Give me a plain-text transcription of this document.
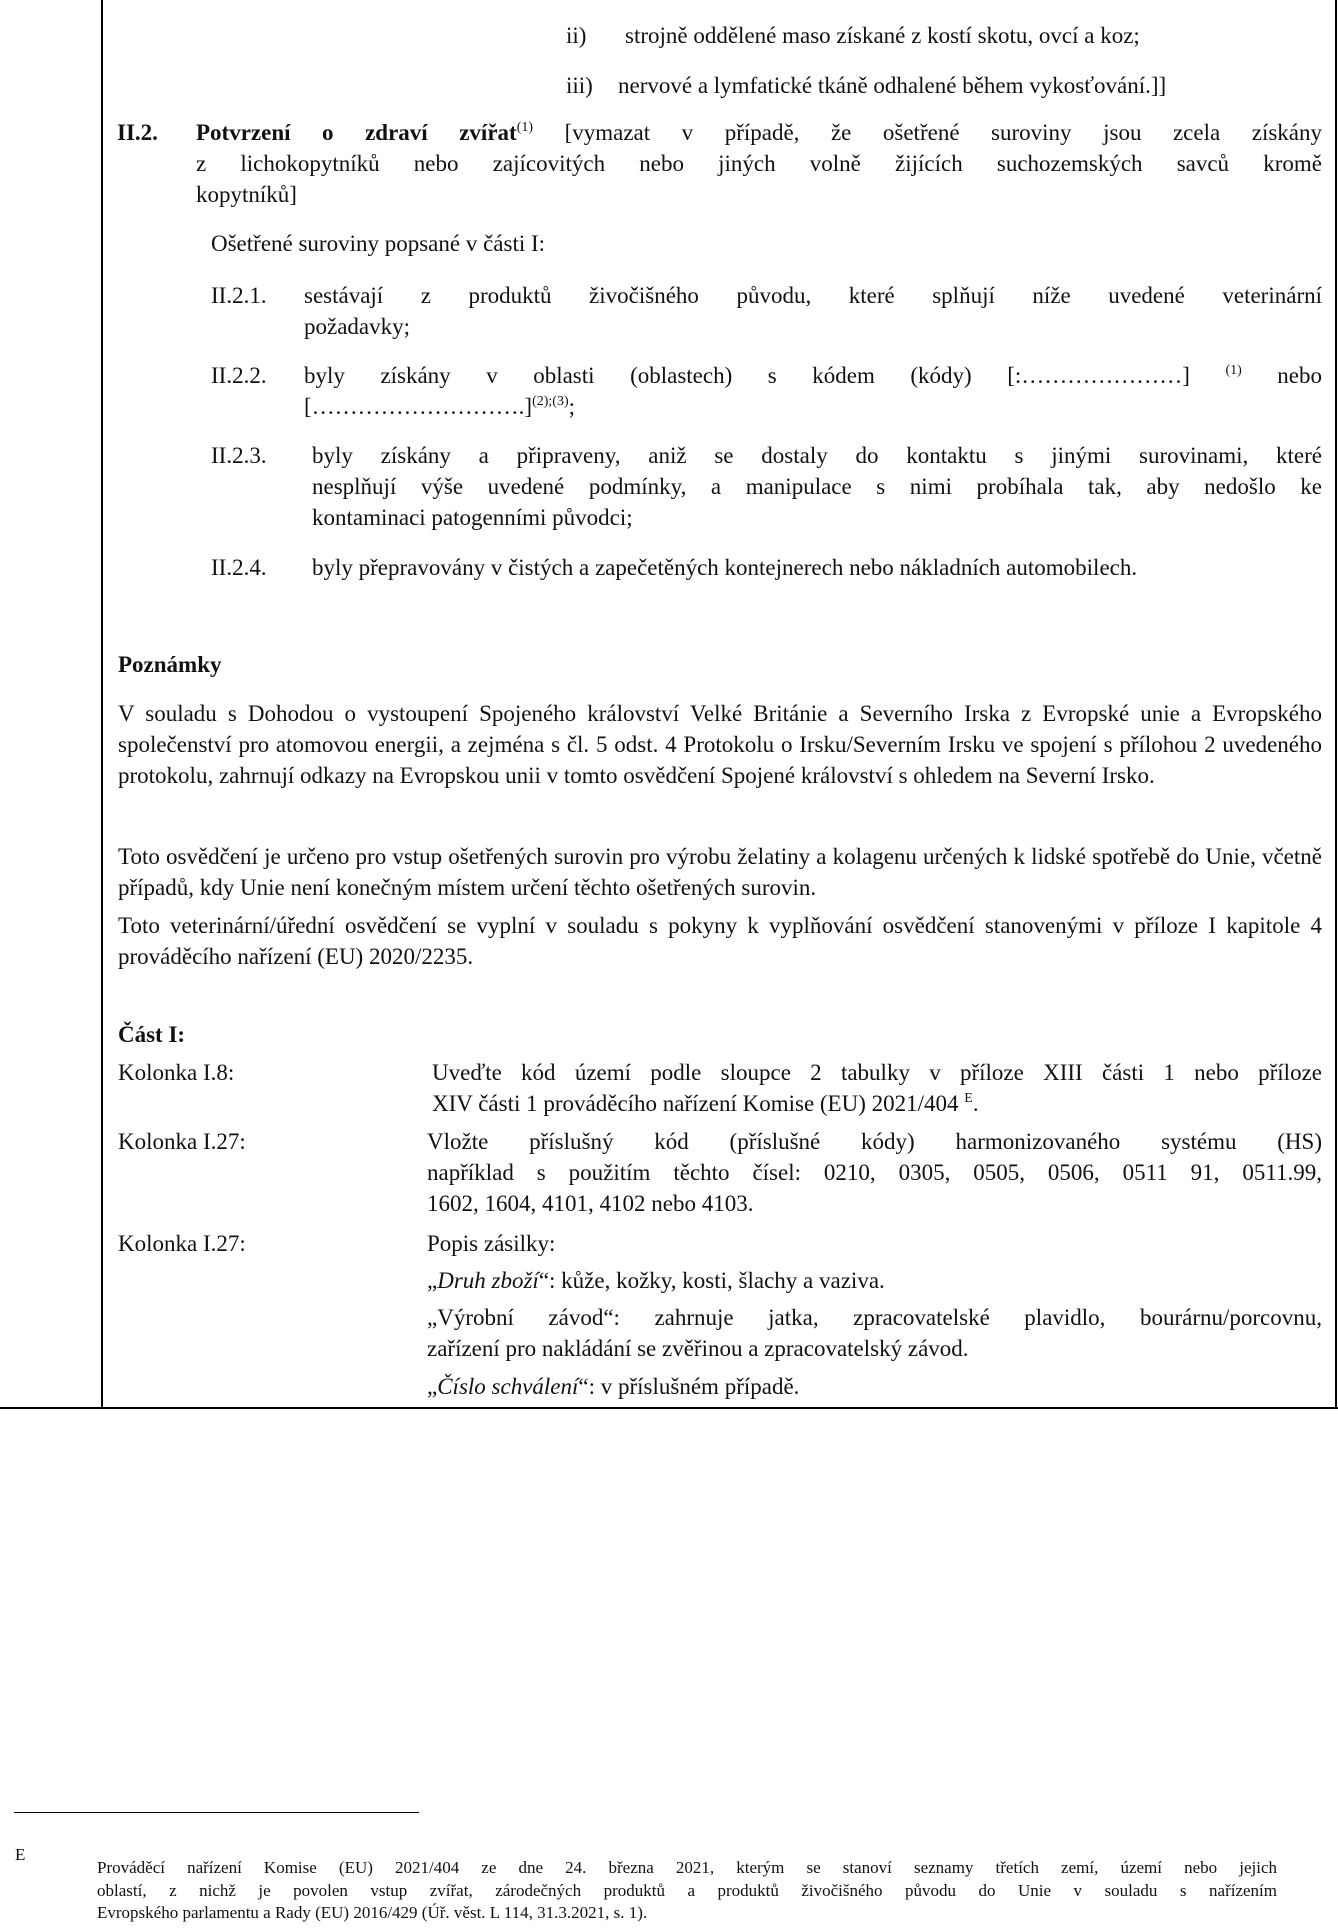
ii) strojně oddělené maso získané z kostí skotu, ovcí a koz;
iii) nervové a lymfatické tkáně odhalené během vykosťování.]]
II.2. Potvrzení o zdraví zvířat$^{(1)}$ [vymazat v případě, že ošetřené suroviny jsou zcela získány
z lichokopytníků nebo zajícovitých nebo jiných volně žijících suchozemských savců kromě
kopytníků]
Ošetřené suroviny popsané v části I:
II.2.1. sestávají z produktů živočišného původu, které splňují níže uvedené veterinární
požadavky;
II.2.2. byly získány v oblasti (oblastech) s kódem (kódy) [:…………………]	$^{(1)}$ nebo
[……………………….]$^{(2);(3)}$;
II.2.3. byly získány a připraveny, aniž se dostaly do kontaktu s jinými surovinami, které
nesplňují výše uvedené podmínky, a manipulace s nimi probíhala tak, aby nedošlo ke
kontaminaci patogenními původci;
II.2.4. byly přepravovány v čistých a zapečetěných kontejnerech nebo nákladních automobilech.
Poznámky
V souladu s Dohodou o vystoupení Spojeného království Velké Británie a Severního Irska z Evropské unie a Evropského společenství pro atomovou energii, a zejména s čl. 5 odst. 4 Protokolu o Irsku/Severním Irsku ve spojení s přílohou 2 uvedeného protokolu, zahrnují odkazy na Evropskou unii v tomto osvědčení Spojené království s ohledem na Severní Irsko.
Toto osvědčení je určeno pro vstup ošetřených surovin pro výrobu želatiny a kolagenu určených k lidské spotřebě do Unie, včetně případů, kdy Unie není konečným místem určení těchto ošetřených surovin.
Toto veterinární/úřední osvědčení se vyplní v souladu s pokyny k vyplňování osvědčení stanovenými v příloze I kapitole 4 prováděcího nařízení (EU) 2020/2235.
Část I:
Kolonka I.8:	Uveďte kód území podle sloupce 2 tabulky v příloze XIII části 1 nebo příloze
XIV části 1 prováděcího nařízení Komise (EU) 2021/404 $^E$.
Kolonka I.27:	Vložte příslušný kód (příslušné kódy) harmonizovaného systému (HS)
například s použitím těchto čísel: 0210, 0305, 0505, 0506, 0511 91, 0511.99,
1602, 1604, 4101, 4102 nebo 4103.
Kolonka I.27:	Popis zásilky:
„Druh zboží“: kůže, kožky, kosti, šlachy a vaziva.
„Výrobní závod“: zahrnuje jatka, zpracovatelské plavidlo, bourárnu/porcovnu,
zařízení pro nakládání se zvěřinou a zpracovatelský závod.
„Číslo schválení“: v příslušném případě.
E
Prováděcí nařízení Komise (EU) 2021/404 ze dne 24. března 2021, kterým se stanoví seznamy třetích zemí, území nebo jejich
oblastí, z nichž je povolen vstup zvířat, zárodečných produktů a produktů živočišného původu do Unie v souladu s nařízením
Evropského parlamentu a Rady (EU) 2016/429 (Úř. věst. L 114, 31.3.2021, s. 1).
